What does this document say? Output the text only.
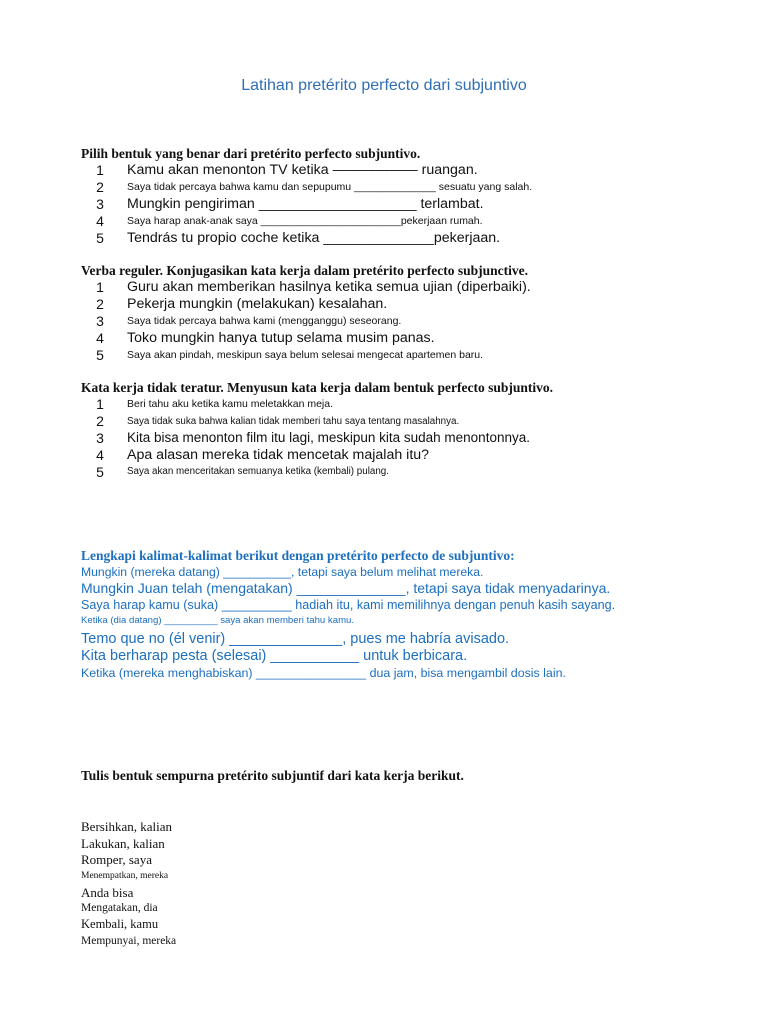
Latihan pretérito perfecto dari subjuntivo
Pilih bentuk yang benar dari pretérito perfecto subjuntivo.
1	Kamu akan menonton TV ketika —————— ruangan.
2	Saya tidak percaya bahwa kamu dan sepupumu ______________ sesuatu yang salah.
3	Mungkin pengiriman ____________________ terlambat.
4	Saya harap anak-anak saya ________________________pekerjaan rumah.
5	Tendrás tu propio coche ketika ______________pekerjaan.
Verba reguler. Konjugasikan kata kerja dalam pretérito perfecto subjunctive.
1	Guru akan memberikan hasilnya ketika semua ujian (diperbaiki).
2	Pekerja mungkin (melakukan) kesalahan.
3	Saya tidak percaya bahwa kami (mengganggu) seseorang.
4	Toko mungkin hanya tutup selama musim panas.
5	Saya akan pindah, meskipun saya belum selesai mengecat apartemen baru.
Kata kerja tidak teratur. Menyusun kata kerja dalam bentuk perfecto subjuntivo.
1	Beri tahu aku ketika kamu meletakkan meja.
2	Saya tidak suka bahwa kalian tidak memberi tahu saya tentang masalahnya.
3	Kita bisa menonton film itu lagi, meskipun kita sudah menontonnya.
4	Apa alasan mereka tidak mencetak majalah itu?
5	Saya akan menceritakan semuanya ketika (kembali) pulang.
Lengkapi kalimat-kalimat berikut dengan pretérito perfecto de subjuntivo:
Mungkin (mereka datang) __________, tetapi saya belum melihat mereka.
Mungkin Juan telah (mengatakan) ______________, tetapi saya tidak menyadarinya.
Saya harap kamu (suka) __________ hadiah itu, kami memilihnya dengan penuh kasih sayang.
Ketika (dia datang) __________ saya akan memberi tahu kamu.
Temo que no (él venir) ______________, pues me habría avisado.
Kita berharap pesta (selesai) ___________ untuk berbicara.
Ketika (mereka menghabiskan) ________________ dua jam, bisa mengambil dosis lain.
Tulis bentuk sempurna pretérito subjuntif dari kata kerja berikut.
Bersihkan, kalian
Lakukan, kalian
Romper, saya
Menempatkan, mereka
Anda bisa
Mengatakan, dia
Kembali, kamu
Mempunyai, mereka
